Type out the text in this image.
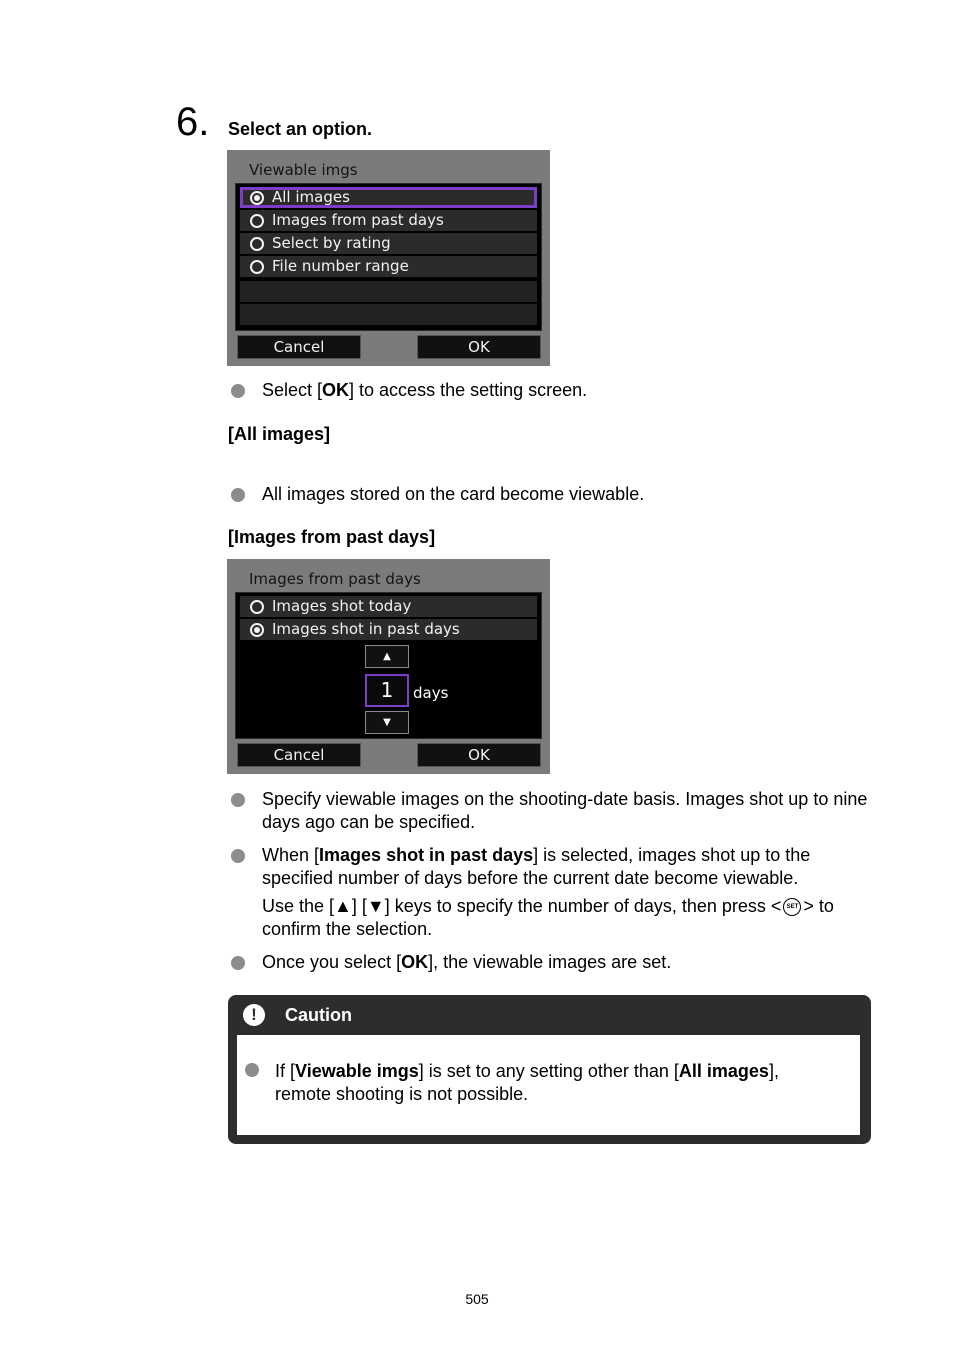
6. Select an option.
Viewable imgs
All images
Images from past days
Select by rating
File number range
Cancel	OK
Select [OK] to access the setting screen.
[All images]
All images stored on the card become viewable.
[Images from past days]
Images from past days
Images shot today
Images shot in past days
▲
1	days
▼
Cancel	OK
Specify viewable images on the shooting-date basis. Images shot up to nine days ago can be specified.
When [Images shot in past days] is selected, images shot up to the specified number of days before the current date become viewable.
Use the [▲] [▼] keys to specify the number of days, then press < SET > to confirm the selection.
Once you select [OK], the viewable images are set.
!	Caution
If [Viewable imgs] is set to any setting other than [All images], remote shooting is not possible.
505
